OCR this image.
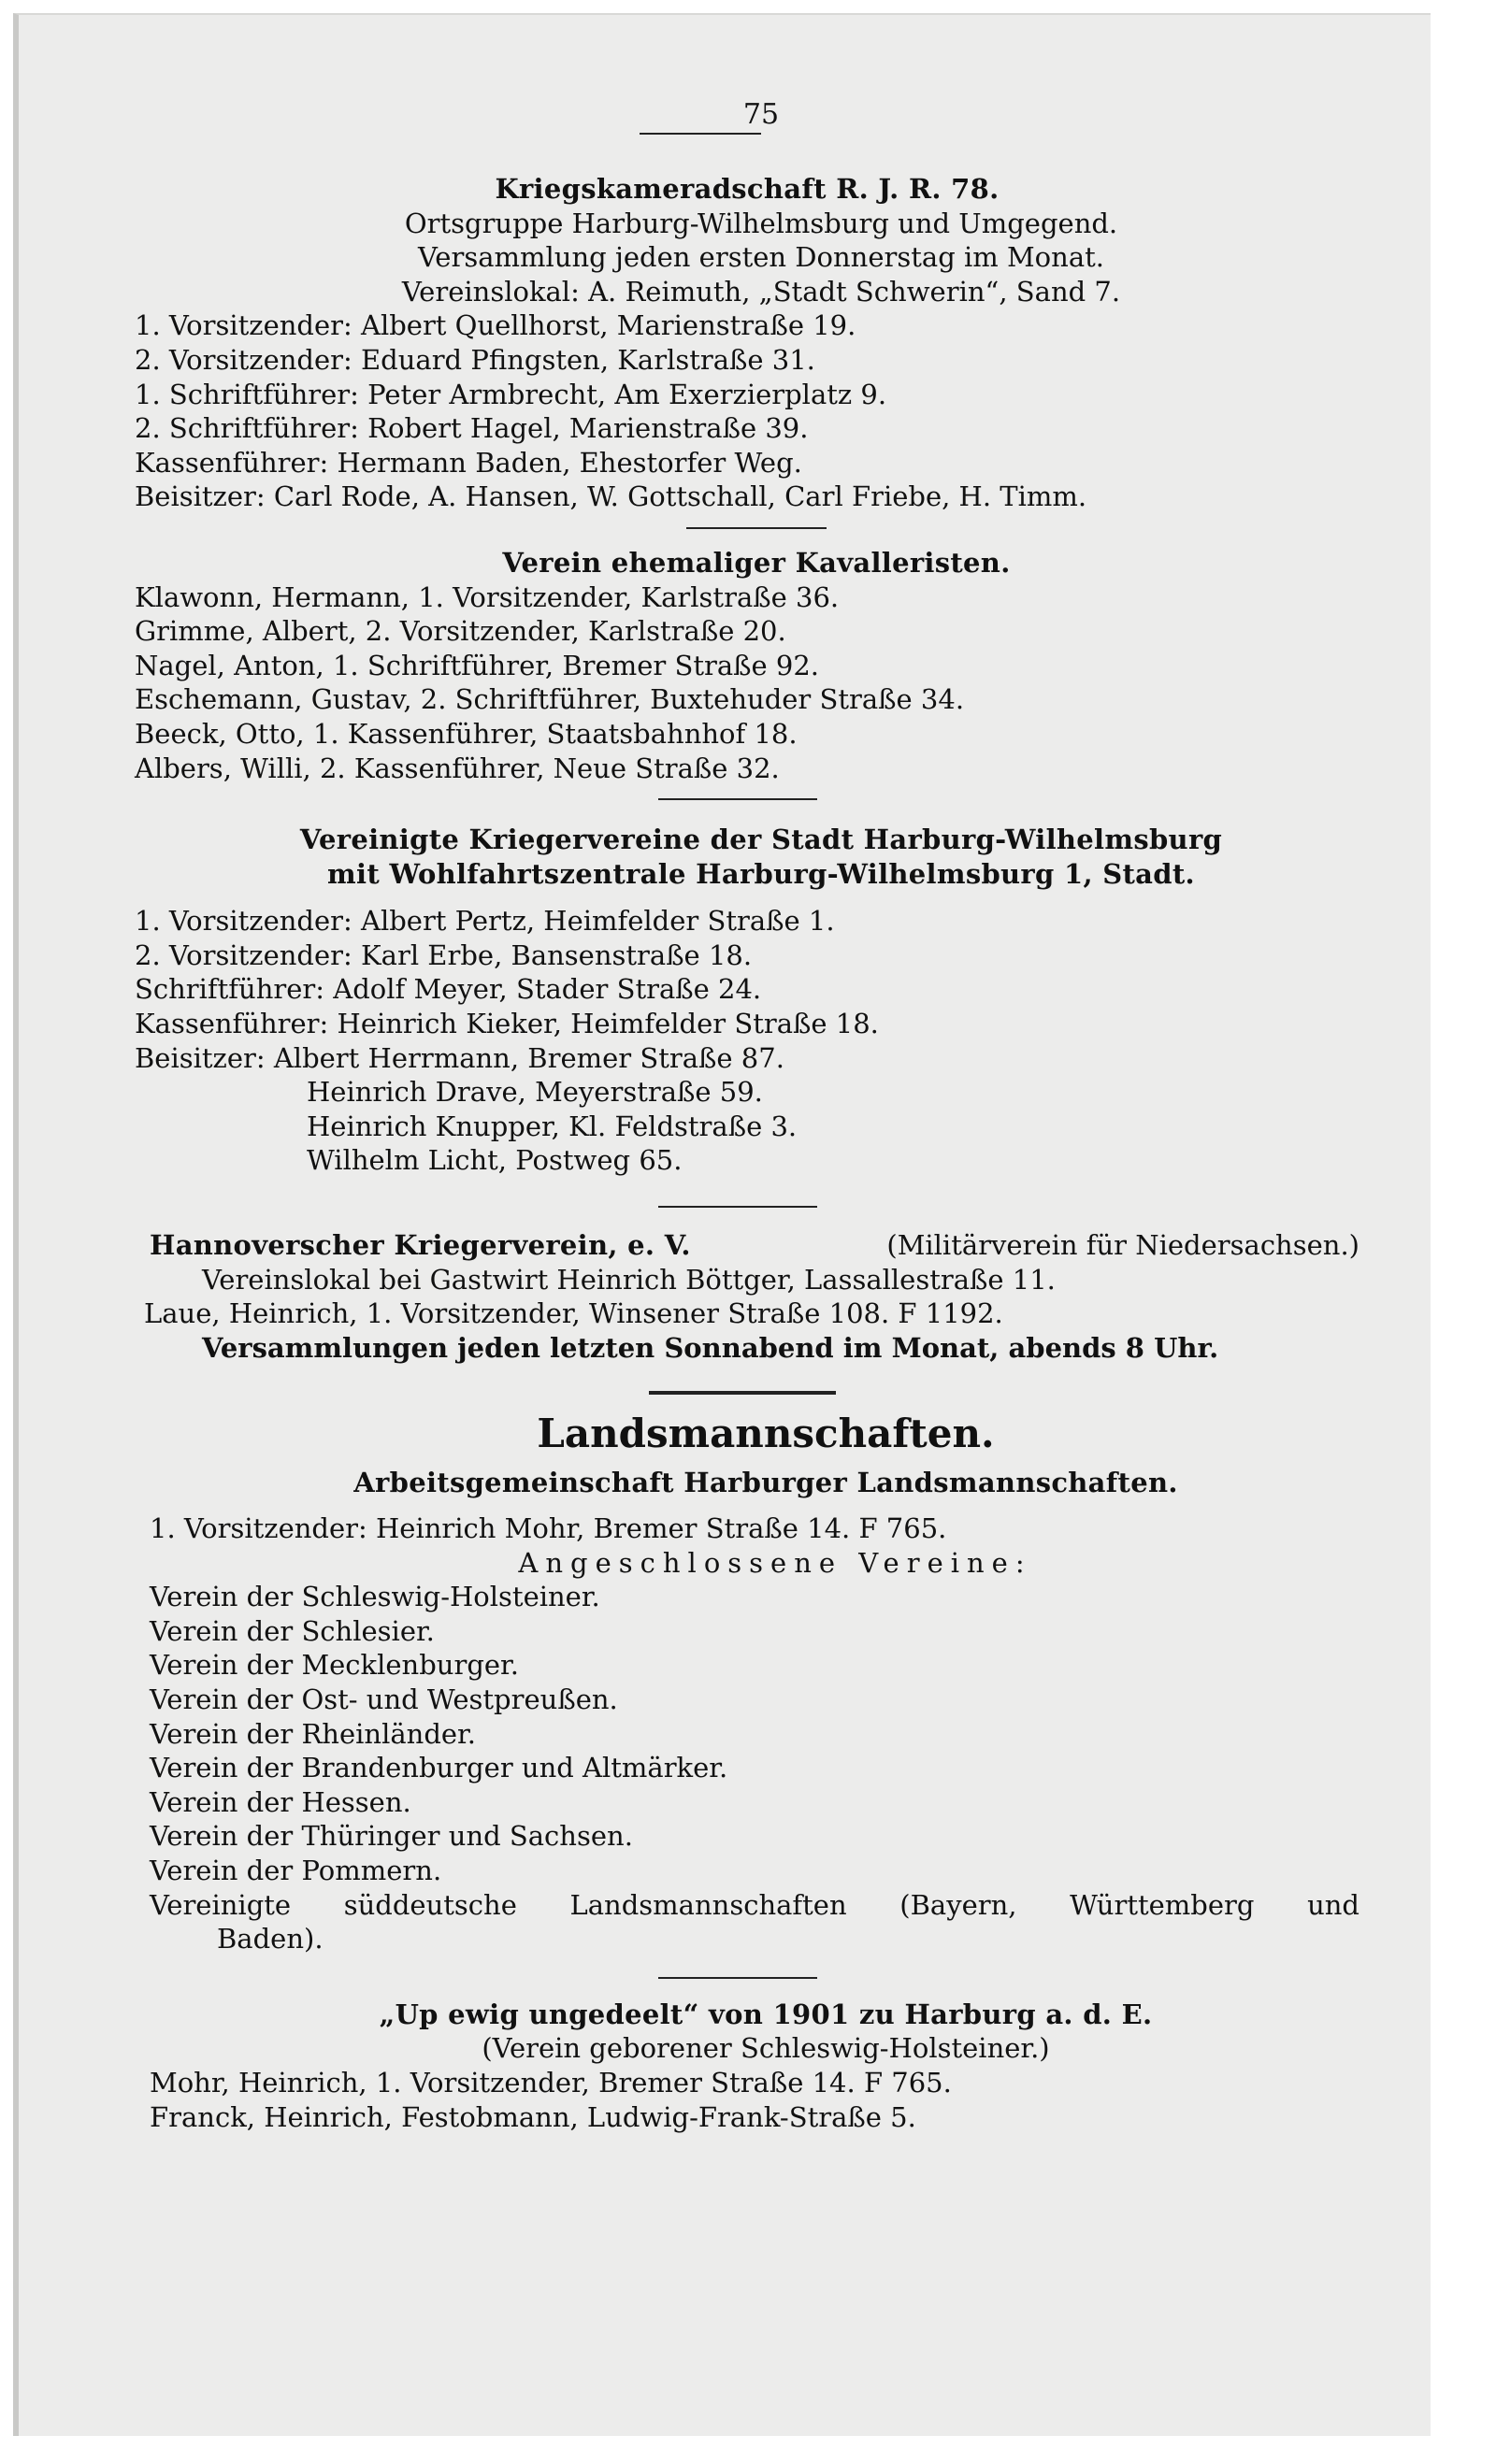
75
Kriegskameradschaft R. J. R. 78.
Ortsgruppe Harburg-Wilhelmsburg und Umgegend.
Versammlung jeden ersten Donnerstag im Monat.
Vereinslokal: A. Reimuth, „Stadt Schwerin“, Sand 7.
1. Vorsitzender: Albert Quellhorst, Marienstraße 19.
2. Vorsitzender: Eduard Pfingsten, Karlstraße 31.
1. Schriftführer: Peter Armbrecht, Am Exerzierplatz 9.
2. Schriftführer: Robert Hagel, Marienstraße 39.
Kassenführer: Hermann Baden, Ehestorfer Weg.
Beisitzer: Carl Rode, A. Hansen, W. Gottschall, Carl Friebe, H. Timm.
Verein ehemaliger Kavalleristen.
Klawonn, Hermann, 1. Vorsitzender, Karlstraße 36.
Grimme, Albert, 2. Vorsitzender, Karlstraße 20.
Nagel, Anton, 1. Schriftführer, Bremer Straße 92.
Eschemann, Gustav, 2. Schriftführer, Buxtehuder Straße 34.
Beeck, Otto, 1. Kassenführer, Staatsbahnhof 18.
Albers, Willi, 2. Kassenführer, Neue Straße 32.
Vereinigte Kriegervereine der Stadt Harburg-Wilhelmsburg
mit Wohlfahrtszentrale Harburg-Wilhelmsburg 1, Stadt.
1. Vorsitzender: Albert Pertz, Heimfelder Straße 1.
2. Vorsitzender: Karl Erbe, Bansenstraße 18.
Schriftführer: Adolf Meyer, Stader Straße 24.
Kassenführer: Heinrich Kieker, Heimfelder Straße 18.
Beisitzer: Albert Herrmann, Bremer Straße 87.
Heinrich Drave, Meyerstraße 59.
Heinrich Knupper, Kl. Feldstraße 3.
Wilhelm Licht, Postweg 65.
Hannoverscher Kriegerverein, e. V.	(Militärverein für Niedersachsen.)
Vereinslokal bei Gastwirt Heinrich Böttger, Lassallestraße 11.
Laue, Heinrich, 1. Vorsitzender, Winsener Straße 108. F 1192.
Versammlungen jeden letzten Sonnabend im Monat, abends 8 Uhr.
Landsmannschaften.
Arbeitsgemeinschaft Harburger Landsmannschaften.
1. Vorsitzender: Heinrich Mohr, Bremer Straße 14. F 765.
Angeschlossene Vereine:
Verein der Schleswig-Holsteiner.
Verein der Schlesier.
Verein der Mecklenburger.
Verein der Ost- und Westpreußen.
Verein der Rheinländer.
Verein der Brandenburger und Altmärker.
Verein der Hessen.
Verein der Thüringer und Sachsen.
Verein der Pommern.
Vereinigte süddeutsche Landsmannschaften (Bayern, Württemberg und
Baden).
„Up ewig ungedeelt“ von 1901 zu Harburg a. d. E.
(Verein geborener Schleswig-Holsteiner.)
Mohr, Heinrich, 1. Vorsitzender, Bremer Straße 14. F 765.
Franck, Heinrich, Festobmann, Ludwig-Frank-Straße 5.
